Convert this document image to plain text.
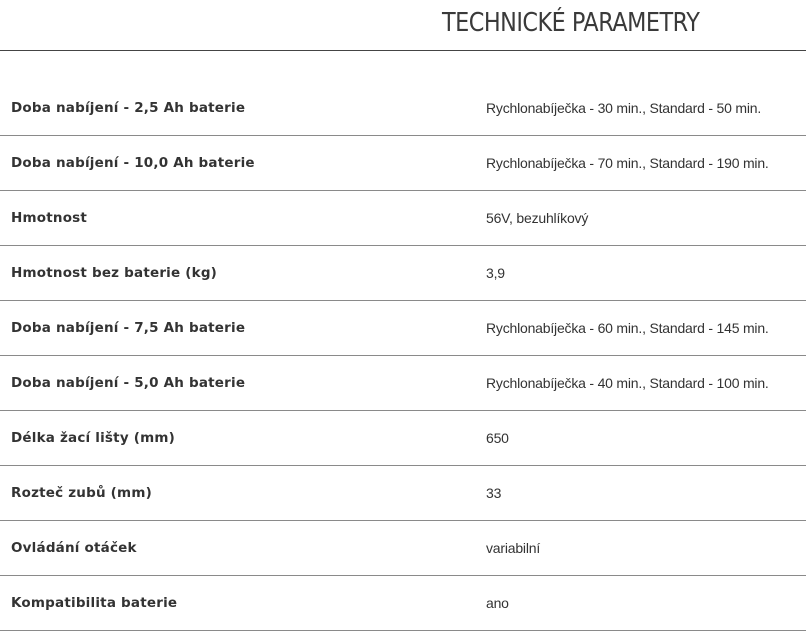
TECHNICKÉ PARAMETRY
Doba nabíjení - 2,5 Ah baterie	Rychlonabíječka - 30 min., Standard - 50 min.
Doba nabíjení - 10,0 Ah baterie	Rychlonabíječka - 70 min., Standard - 190 min.
Hmotnost	56V, bezuhlíkový
Hmotnost bez baterie (kg)	3,9
Doba nabíjení - 7,5 Ah baterie	Rychlonabíječka - 60 min., Standard - 145 min.
Doba nabíjení - 5,0 Ah baterie	Rychlonabíječka - 40 min., Standard - 100 min.
Délka žací lišty (mm)	650
Rozteč zubů (mm)	33
Ovládání otáček	variabilní
Kompatibilita baterie	ano
